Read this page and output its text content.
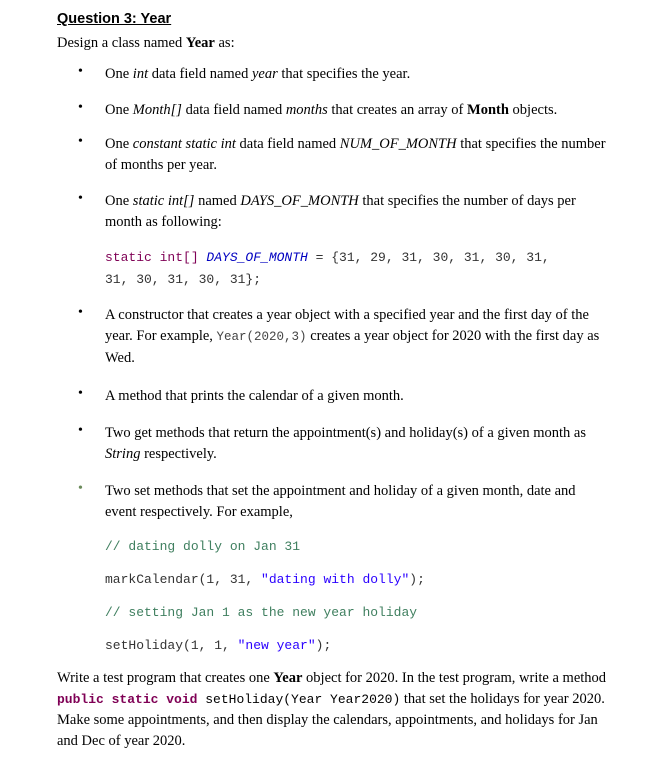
Question 3: Year

Design a class named Year as:

• One int data field named year that specifies the year.

• One Month[] data field named months that creates an array of Month objects.

• One constant static int data field named NUM_OF_MONTH that specifies the number of months per year.

• One static int[] named DAYS_OF_MONTH that specifies the number of days per month as following:

static int[] DAYS_OF_MONTH = {31, 29, 31, 30, 31, 30, 31,

31, 30, 31, 30, 31};

• A constructor that creates a year object with a specified year and the first day of the year. For example, Year(2020,3) creates a year object for 2020 with the first day as Wed.

• A method that prints the calendar of a given month.

• Two get methods that return the appointment(s) and holiday(s) of a given month as String respectively.

• Two set methods that set the appointment and holiday of a given month, date and event respectively. For example,

// dating dolly on Jan 31

markCalendar(1, 31, "dating with dolly");

// setting Jan 1 as the new year holiday

setHoliday(1, 1, "new year");

Write a test program that creates one Year object for 2020. In the test program, write a method public static void setHoliday(Year Year2020) that set the holidays for year 2020. Make some appointments, and then display the calendars, appointments, and holidays for Jan and Dec of year 2020.
